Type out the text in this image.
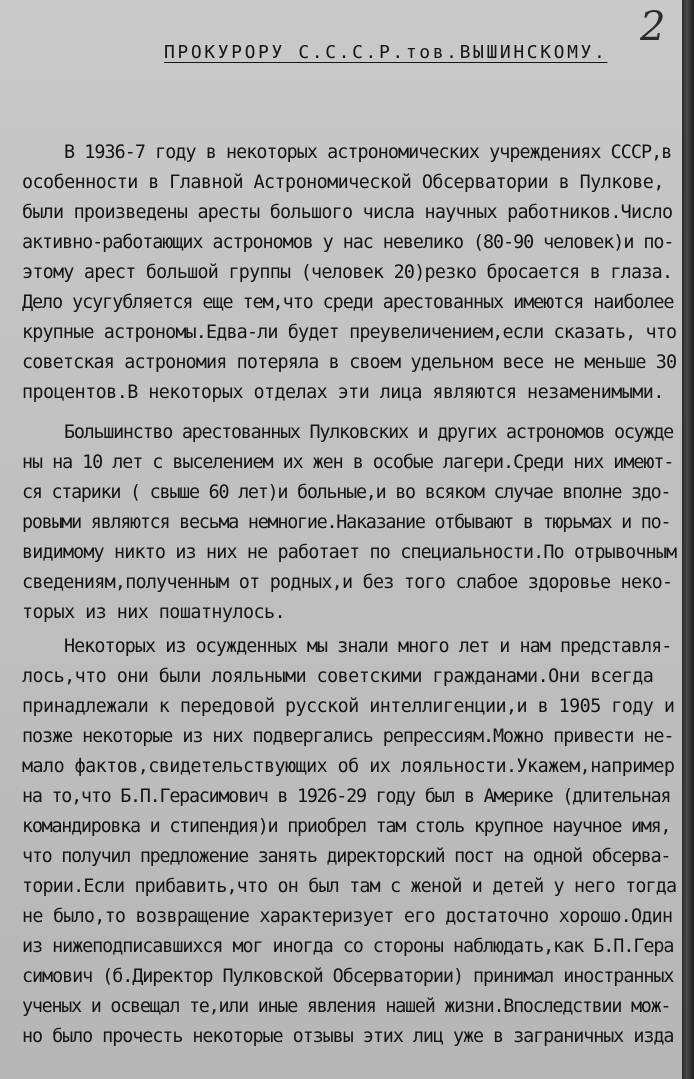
2
ПРОКУРОРУ С.С.С.Р.тов.ВЫШИНСКОМУ.
В 1936-7 году в некоторых астрономических учреждениях СССР,в
особенности в Главной Астрономической Обсерватории в Пулкове,
были произведены аресты большого числа научных работников.Число
активно-работающих астрономов у нас невелико (80-90 человек)и по-
этому арест большой группы (человек 20)резко бросается в глаза.
Дело усугубляется еще тем,что среди арестованных имеются наиболее
крупные астрономы.Едва-ли будет преувеличением,если сказать, что
советская астрономия потеряла в своем удельном весе не меньше 30
процентов.В некоторых отделах эти лица являются незаменимыми.
Большинство арестованных Пулковских и других астрономов осужде
ны на 10 лет с выселением их жен в особые лагери.Среди них имеют-
ся старики ( свыше 60 лет)и больные,и во всяком случае вполне здо-
ровыми являются весьма немногие.Наказание отбывают в тюрьмах и по-
видимому никто из них не работает по специальности.По отрывочным
сведениям,полученным от родных,и без того слабое здоровье неко-
торых из них пошатнулось.
Некоторых из осужденных мы знали много лет и нам представля-
лось,что они были лояльными советскими гражданами.Они всегда
принадлежали к передовой русской интеллигенции,и в 1905 году и
позже некоторые из них подвергались репрессиям.Можно привести не-
мало фактов,свидетельствующих об их лояльности.Укажем,например
на то,что Б.П.Герасимович в 1926-29 году был в Америке (длительная
командировка и стипендия)и приобрел там столь крупное научное имя,
что получил предложение занять директорский пост на одной обсерва-
тории.Если прибавить,что он был там с женой и детей у него тогда
не было,то возвращение характеризует его достаточно хорошо.Один
из нижеподписавшихся мог иногда со стороны наблюдать,как Б.П.Гера
симович (б.Директор Пулковской Обсерватории) принимал иностранных
ученых и освещал те,или иные явления нашей жизни.Впоследствии мож-
но было прочесть некоторые отзывы этих лиц уже в заграничных изда
